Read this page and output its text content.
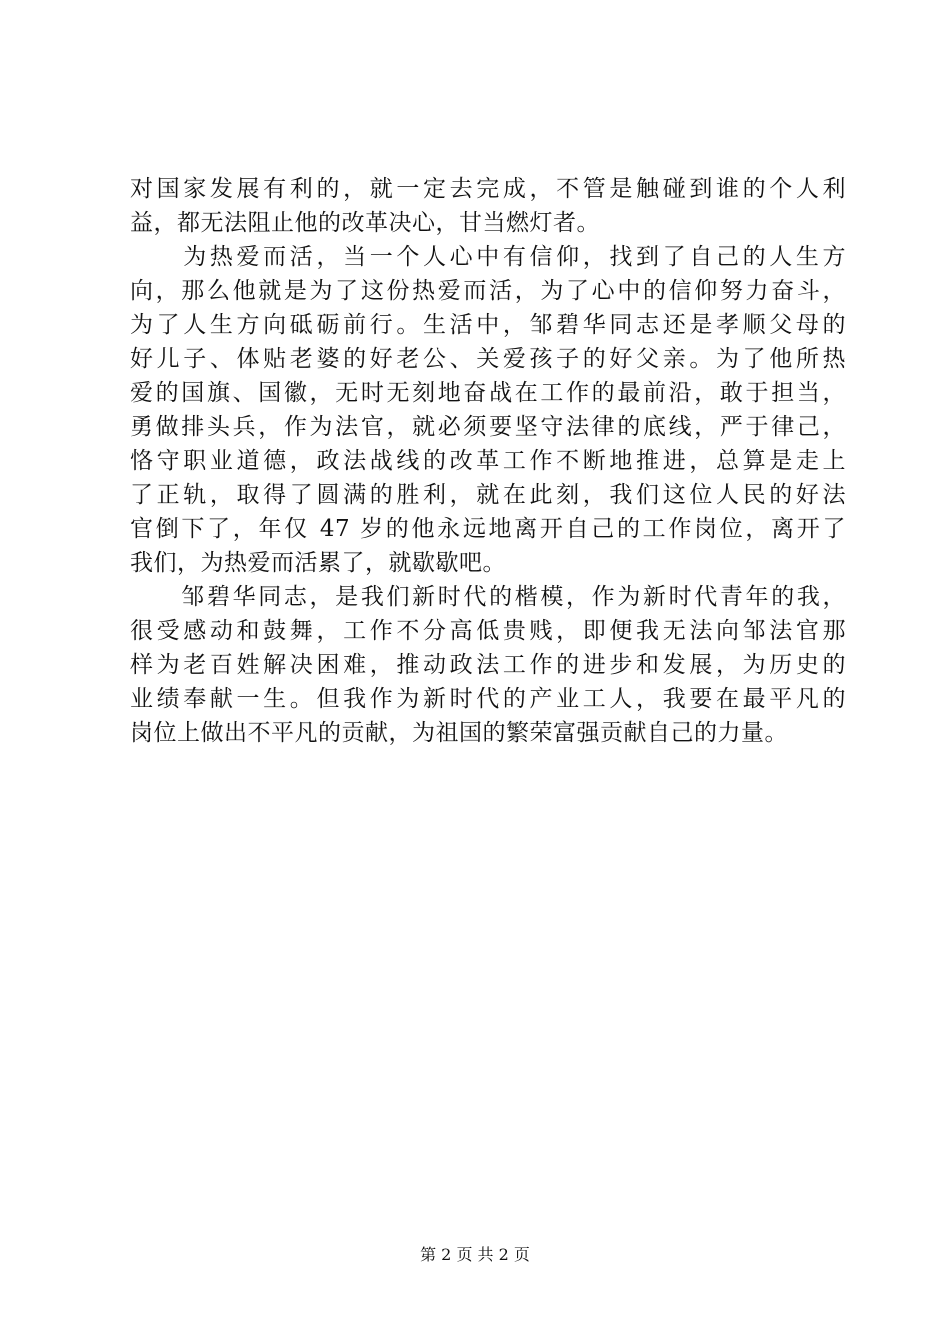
对国家发展有利的，就一定去完成，不管是触碰到谁的个人利
益，都无法阻止他的改革决心，甘当燃灯者。
　　为热爱而活，当一个人心中有信仰，找到了自己的人生方
向，那么他就是为了这份热爱而活，为了心中的信仰努力奋斗，
为了人生方向砥砺前行。生活中，邹碧华同志还是孝顺父母的
好儿子、体贴老婆的好老公、关爱孩子的好父亲。为了他所热
爱的国旗、国徽，无时无刻地奋战在工作的最前沿，敢于担当，
勇做排头兵，作为法官，就必须要坚守法律的底线，严于律己，
恪守职业道德，政法战线的改革工作不断地推进，总算是走上
了正轨，取得了圆满的胜利，就在此刻，我们这位人民的好法
官倒下了，年仅 47 岁的他永远地离开自己的工作岗位，离开了
我们，为热爱而活累了，就歇歇吧。
　　邹碧华同志，是我们新时代的楷模，作为新时代青年的我，
很受感动和鼓舞，工作不分高低贵贱，即便我无法向邹法官那
样为老百姓解决困难，推动政法工作的进步和发展，为历史的
业绩奉献一生。但我作为新时代的产业工人，我要在最平凡的
岗位上做出不平凡的贡献，为祖国的繁荣富强贡献自己的力量。
第 2 页 共 2 页
